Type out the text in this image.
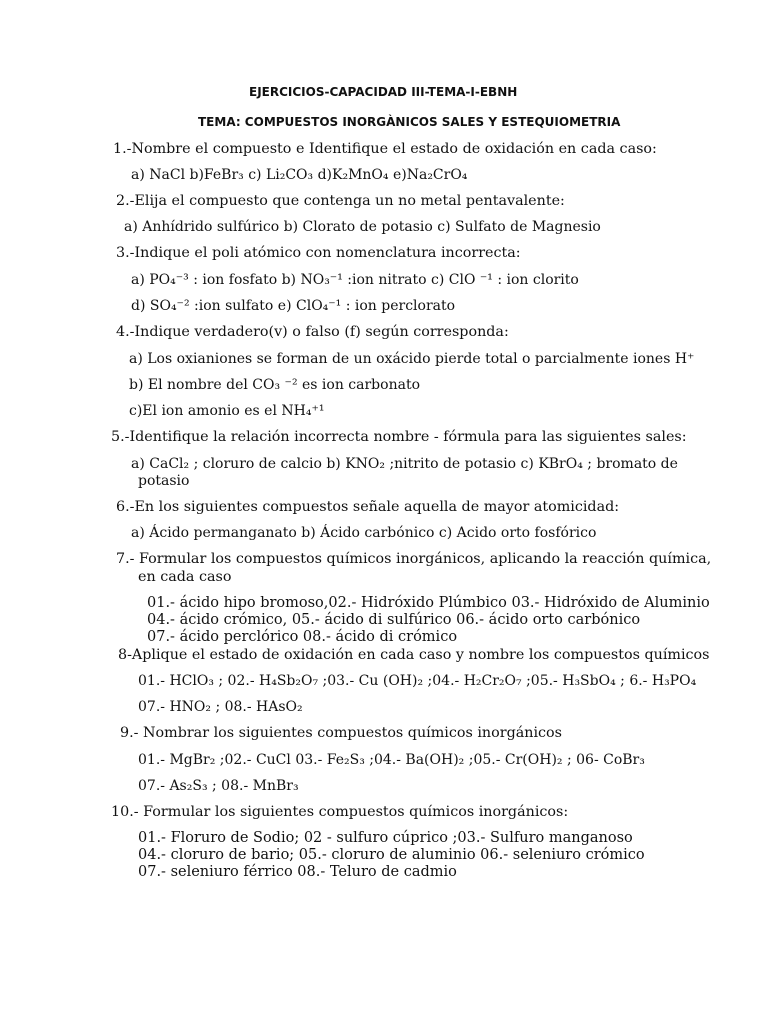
EJERCICIOS-CAPACIDAD III-TEMA-I-EBNH
TEMA: COMPUESTOS INORGÀNICOS SALES Y ESTEQUIOMETRIA
1.-Nombre el compuesto e Identifique el estado de oxidación en cada caso:
a) NaCl b)FeBr₃ c) Li₂CO₃ d)K₂MnO₄ e)Na₂CrO₄
2.-Elija el compuesto que contenga un no metal pentavalente:
a) Anhídrido sulfúrico b) Clorato de potasio c) Sulfato de Magnesio
3.-Indique el poli atómico con nomenclatura incorrecta:
a) PO₄⁻³ : ion fosfato b) NO₃⁻¹ :ion nitrato c) ClO ⁻¹ : ion clorito
d) SO₄⁻² :ion sulfato e) ClO₄⁻¹ : ion perclorato
4.-Indique verdadero(v) o falso (f) según corresponda:
a) Los oxianiones se forman de un oxácido pierde total o parcialmente iones H⁺
b) El nombre del CO₃ ⁻² es ion carbonato
c)El ion amonio es el NH₄⁺¹
5.-Identifique la relación incorrecta nombre - fórmula para las siguientes sales:
a) CaCl₂ ; cloruro de calcio b) KNO₂ ;nitrito de potasio c) KBrO₄ ; bromato de
potasio
6.-En los siguientes compuestos señale aquella de mayor atomicidad:
a) Ácido permanganato b) Ácido carbónico c) Acido orto fosfórico
7.- Formular los compuestos químicos inorgánicos, aplicando la reacción química,
en cada caso
01.- ácido hipo bromoso,02.- Hidróxido Plúmbico 03.- Hidróxido de Aluminio
04.- ácido crómico, 05.- ácido di sulfúrico 06.- ácido orto carbónico
07.- ácido perclórico 08.- ácido di crómico
8-Aplique el estado de oxidación en cada caso y nombre los compuestos químicos
01.- HClO₃ ; 02.- H₄Sb₂O₇ ;03.- Cu (OH)₂ ;04.- H₂Cr₂O₇ ;05.- H₃SbO₄ ; 6.- H₃PO₄
07.- HNO₂ ; 08.- HAsO₂
9.- Nombrar los siguientes compuestos químicos inorgánicos
01.- MgBr₂ ;02.- CuCl 03.- Fe₂S₃ ;04.- Ba(OH)₂ ;05.- Cr(OH)₂ ; 06- CoBr₃
07.- As₂S₃ ; 08.- MnBr₃
10.- Formular los siguientes compuestos químicos inorgánicos:
01.- Floruro de Sodio; 02 - sulfuro cúprico ;03.- Sulfuro manganoso
04.- cloruro de bario; 05.- cloruro de aluminio 06.- seleniuro crómico
07.- seleniuro férrico 08.- Teluro de cadmio
